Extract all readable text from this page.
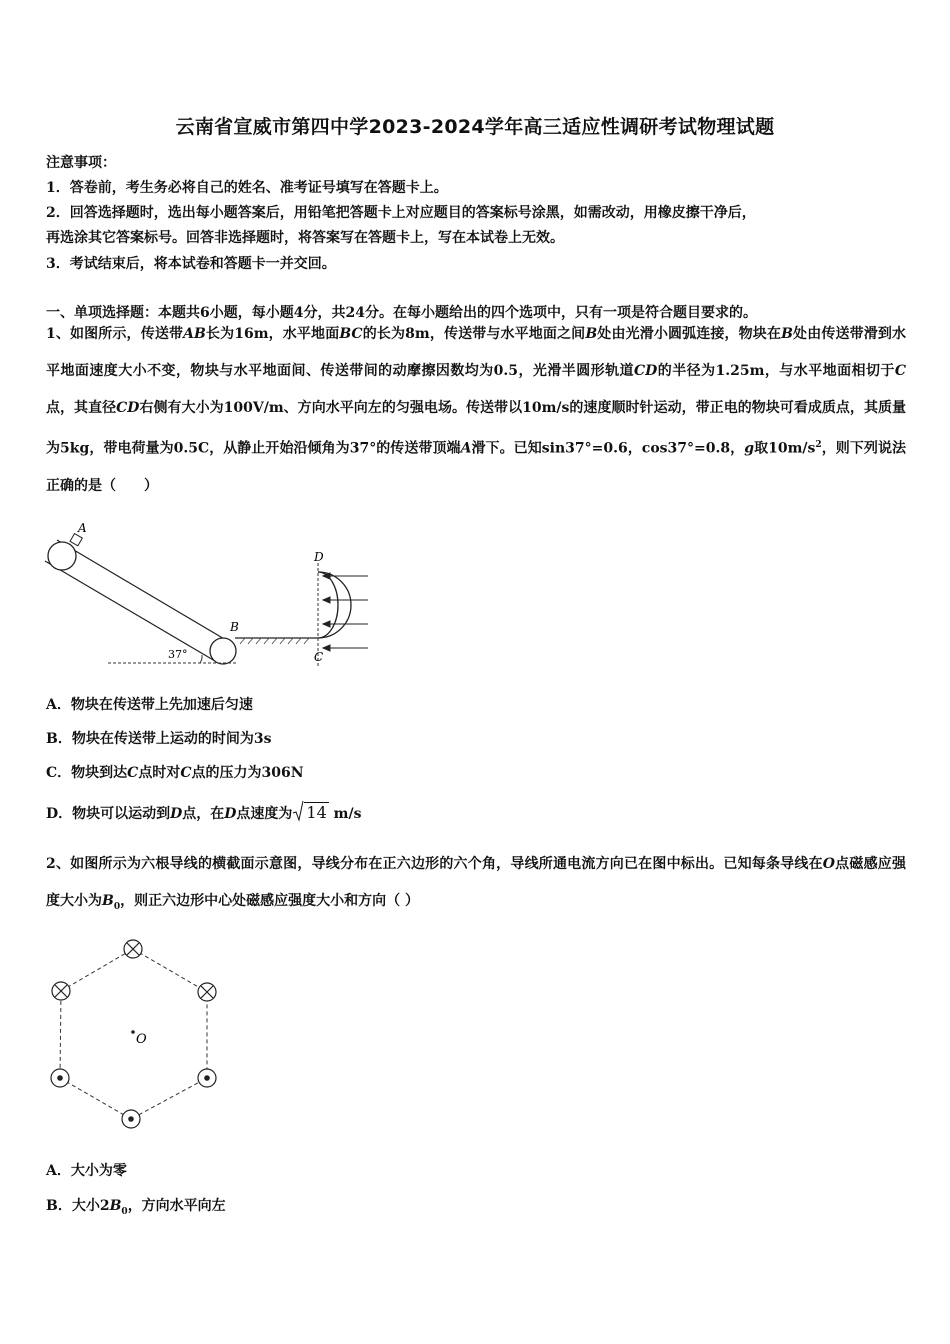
云南省宣威市第四中学2023-2024学年高三适应性调研考试物理试题
注意事项：
1．答卷前，考生务必将自己的姓名、准考证号填写在答题卡上。
2．回答选择题时，选出每小题答案后，用铅笔把答题卡上对应题目的答案标号涂黑，如需改动，用橡皮擦干净后，
再选涂其它答案标号。回答非选择题时，将答案写在答题卡上，写在本试卷上无效。
3．考试结束后，将本试卷和答题卡一并交回。
一、单项选择题：本题共6小题，每小题4分，共24分。在每小题给出的四个选项中，只有一项是符合题目要求的。
1、如图所示，传送带AB长为16m，水平地面BC的长为8m，传送带与水平地面之间B处由光滑小圆弧连接，物块在B处由传送带滑到水平地面速度大小不变，物块与水平地面间、传送带间的动摩擦因数均为0.5，光滑半圆形轨道CD的半径为1.25m，与水平地面相切于C点，其直径CD右侧有大小为100V/m、方向水平向左的匀强电场。传送带以10m/s的速度顺时针运动，带正电的物块可看成质点，其质量为5kg，带电荷量为0.5C，从静止开始沿倾角为37°的传送带顶端A滑下。已知sin37°=0.6，cos37°=0.8，g取$10m/s^2$，则下列说法正确的是（　　）
A
37°
B
D
C
A．物块在传送带上先加速后匀速
B．物块在传送带上运动的时间为3s
C．物块到达C点时对C点的压力为306N
D．物块可以运动到D点，在D点速度为 14 m/s
2、如图所示为六根导线的横截面示意图，导线分布在正六边形的六个角，导线所通电流方向已在图中标出。已知每条导线在O点磁感应强度大小为$B_0$，则正六边形中心处磁感应强度大小和方向（ ）
O
A．大小为零
B．大小$2B_0$，方向水平向左
